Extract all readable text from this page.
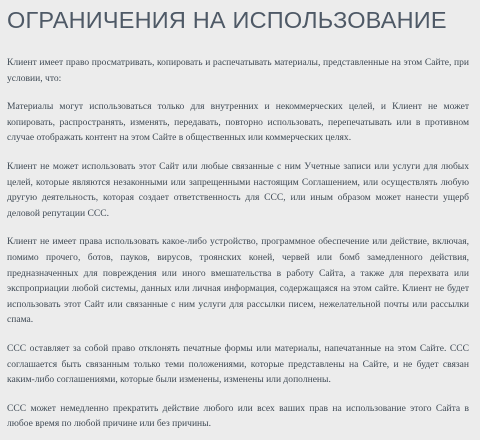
ОГРАНИЧЕНИЯ НА ИСПОЛЬЗОВАНИЕ

Клиент имеет право просматривать, копировать и распечатывать материалы, представленные на этом Сайте, при условии, что:

Материалы могут использоваться только для внутренних и некоммерческих целей, и Клиент не может копировать, распространять, изменять, передавать, повторно использовать, перепечатывать или в противном случае отображать контент на этом Сайте в общественных или коммерческих целях.

Клиент не может использовать этот Сайт или любые связанные с ним Учетные записи или услуги для любых целей, которые являются незаконными или запрещенными настоящим Соглашением, или осуществлять любую другую деятельность, которая создает ответственность для CCC, или иным образом может нанести ущерб деловой репутации CCC.

Клиент не имеет права использовать какое-либо устройство, программное обеспечение или действие, включая, помимо прочего, ботов, пауков, вирусов, троянских коней, червей или бомб замедленного действия, предназначенных для повреждения или иного вмешательства в работу Сайта, а также для перехвата или экспроприации любой системы, данных или личная информация, содержащаяся на этом сайте. Клиент не будет использовать этот Сайт или связанные с ним услуги для рассылки писем, нежелательной почты или рассылки спама.

CCC оставляет за собой право отклонять печатные формы или материалы, напечатанные на этом Сайте. CCC соглашается быть связанным только теми положениями, которые представлены на Сайте, и не будет связан каким-либо соглашениями, которые были изменены, изменены или дополнены.

CCC может немедленно прекратить действие любого или всех ваших прав на использование этого Сайта в любое время по любой причине или без причины.
